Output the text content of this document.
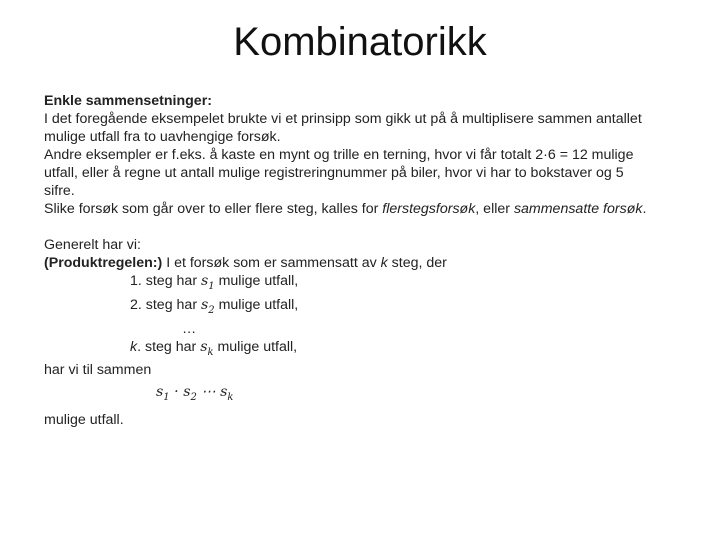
Kombinatorikk
Enkle sammensetninger:
I det foregående eksempelet brukte vi et prinsipp som gikk ut på å multiplisere sammen antallet
mulige utfall fra to uavhengige forsøk.
Andre eksempler er f.eks. å kaste en mynt og trille en terning, hvor vi får totalt 2·6 = 12 mulige
utfall, eller å regne ut antall mulige registreringnummer på biler, hvor vi har to bokstaver og 5
sifre.
Slike forsøk som går over to eller flere steg, kalles for flerstegsforsøk, eller sammensatte forsøk.
Generelt har vi:
(Produktregelen:) I et forsøk som er sammensatt av k steg, der
1. steg har $s_1$ mulige utfall,
2. steg har $s_2$ mulige utfall,
…
k. steg har $s_k$ mulige utfall,
har vi til sammen
$s_1 \cdot s_2$ ⋯ $s_k$
mulige utfall.
